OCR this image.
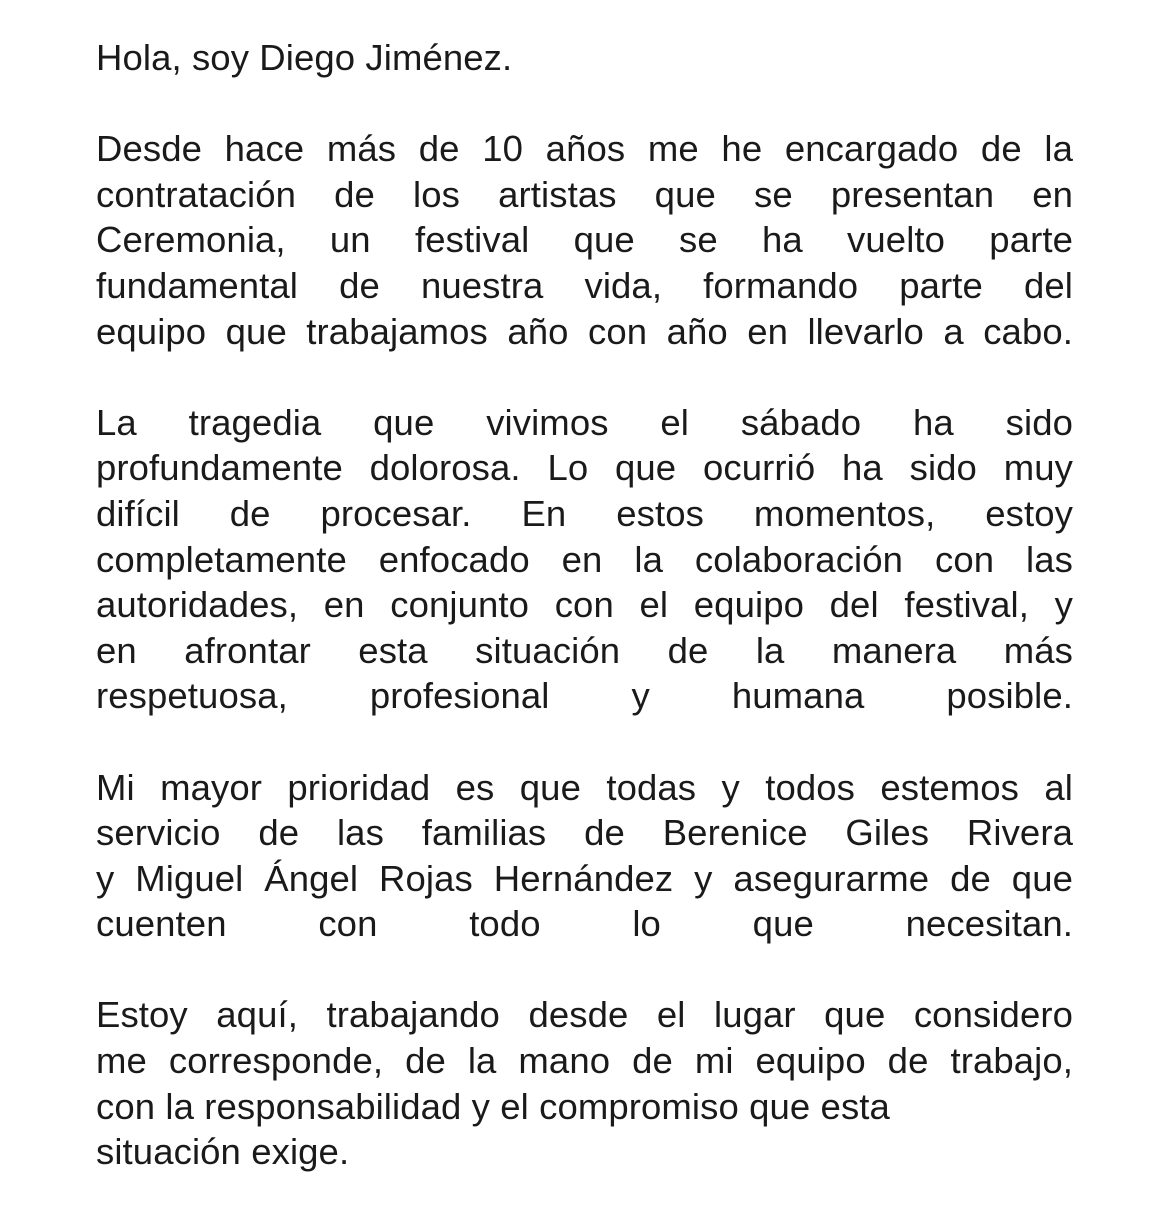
Hola, soy Diego Jiménez.
Desde hace más de 10 años me he encargado de la
contratación de los artistas que se presentan en
Ceremonia, un festival que se ha vuelto parte
fundamental de nuestra vida, formando parte del
equipo que trabajamos año con año en llevarlo a cabo.
La tragedia que vivimos el sábado ha sido
profundamente dolorosa. Lo que ocurrió ha sido muy
difícil de procesar. En estos momentos, estoy
completamente enfocado en la colaboración con las
autoridades, en conjunto con el equipo del festival, y
en afrontar esta situación de la manera más
respetuosa, profesional y humana posible.
Mi mayor prioridad es que todas y todos estemos al
servicio de las familias de Berenice Giles Rivera
y Miguel Ángel Rojas Hernández y asegurarme de que
cuenten con todo lo que necesitan.
Estoy aquí, trabajando desde el lugar que considero
me corresponde, de la mano de mi equipo de trabajo,
con la responsabilidad y el compromiso que esta
situación exige.
